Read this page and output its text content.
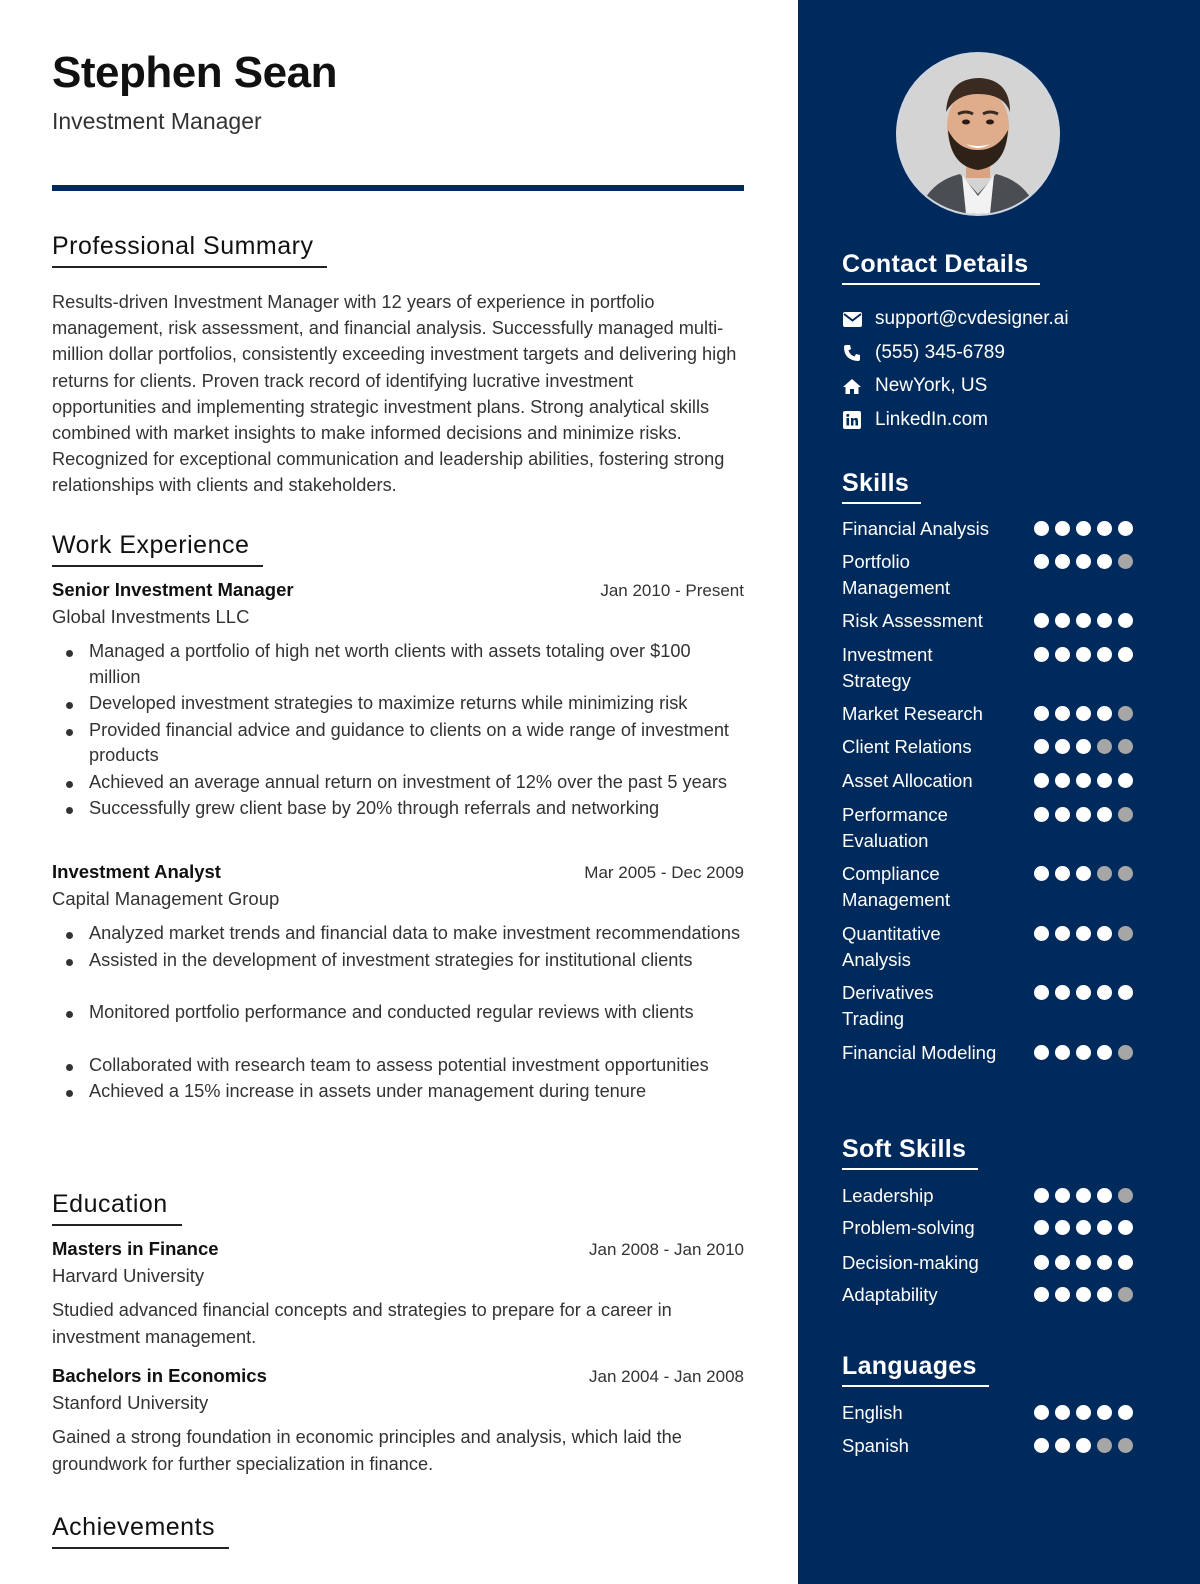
Stephen Sean
Investment Manager
Professional Summary

Results-driven Investment Manager with 12 years of experience in portfolio management, risk assessment, and financial analysis. Successfully managed multi-million dollar portfolios, consistently exceeding investment targets and delivering high returns for clients. Proven track record of identifying lucrative investment opportunities and implementing strategic investment plans. Strong analytical skills combined with market insights to make informed decisions and minimize risks. Recognized for exceptional communication and leadership abilities, fostering strong relationships with clients and stakeholders.

Work Experience
Senior Investment Manager	Jan 2010 - Present
Global Investments LLC
Managed a portfolio of high net worth clients with assets totaling over $100 million
Developed investment strategies to maximize returns while minimizing risk
Provided financial advice and guidance to clients on a wide range of investment products
Achieved an average annual return on investment of 12% over the past 5 years
Successfully grew client base by 20% through referrals and networking
Investment Analyst	Mar 2005 - Dec 2009
Capital Management Group
Analyzed market trends and financial data to make investment recommendations
Assisted in the development of investment strategies for institutional clients
Monitored portfolio performance and conducted regular reviews with clients
Collaborated with research team to assess potential investment opportunities
Achieved a 15% increase in assets under management during tenure
Education
Masters in Finance	Jan 2008 - Jan 2010
Harvard University

Studied advanced financial concepts and strategies to prepare for a career in investment management.

Bachelors in Economics	Jan 2004 - Jan 2008
Stanford University

Gained a strong foundation in economic principles and analysis, which laid the groundwork for further specialization in finance.

Achievements
Contact Details
support@cvdesigner.ai
(555) 345-6789
NewYork, US
LinkedIn.com
Skills
Financial Analysis
Portfolio Management
Risk Assessment
Investment Strategy
Market Research
Client Relations
Asset Allocation
Performance Evaluation
Compliance Management
Quantitative Analysis
Derivatives Trading
Financial Modeling
Soft Skills
Leadership
Problem-solving
Decision-making
Adaptability
Languages
English
Spanish
